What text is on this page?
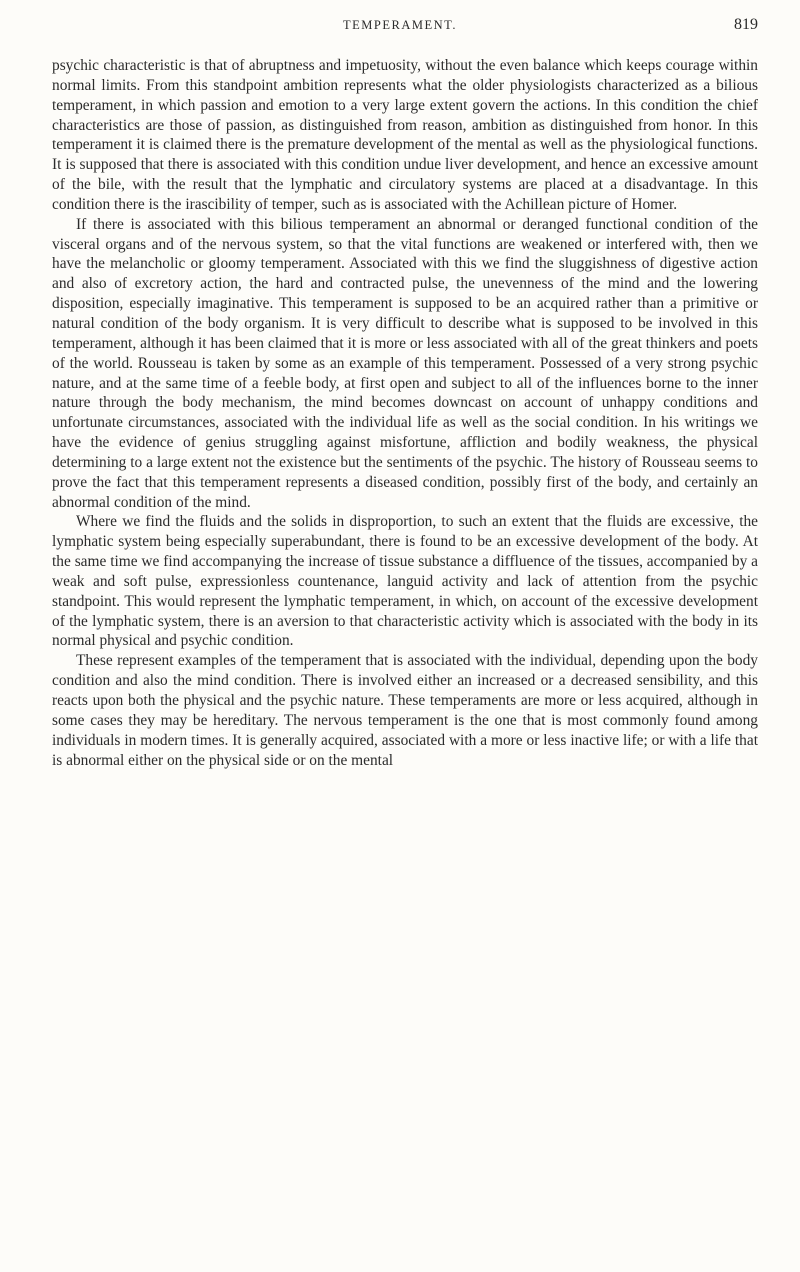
TEMPERAMENT.	819

psychic characteristic is that of abruptness and impetuosity, without the even balance which keeps courage within normal limits. From this standpoint ambition represents what the older physiologists characterized as a bilious temperament, in which passion and emotion to a very large extent govern the actions. In this condition the chief characteristics are those of passion, as distinguished from reason, ambition as distinguished from honor. In this temperament it is claimed there is the premature development of the mental as well as the physiological functions. It is supposed that there is associated with this condition undue liver development, and hence an excessive amount of the bile, with the result that the lymphatic and circulatory systems are placed at a disadvantage. In this condition there is the irascibility of temper, such as is associated with the Achillean picture of Homer.

If there is associated with this bilious temperament an abnormal or deranged functional condition of the visceral organs and of the nervous system, so that the vital functions are weakened or interfered with, then we have the melancholic or gloomy temperament. Associated with this we find the sluggishness of digestive action and also of excretory action, the hard and contracted pulse, the unevenness of the mind and the lowering disposition, especially imaginative. This temperament is supposed to be an acquired rather than a primitive or natural condition of the body organism. It is very difficult to describe what is supposed to be involved in this temperament, although it has been claimed that it is more or less associated with all of the great thinkers and poets of the world. Rousseau is taken by some as an example of this temperament. Possessed of a very strong psychic nature, and at the same time of a feeble body, at first open and subject to all of the influences borne to the inner nature through the body mechanism, the mind becomes downcast on account of unhappy conditions and unfortunate circumstances, associated with the individual life as well as the social condition. In his writings we have the evidence of genius struggling against misfortune, affliction and bodily weakness, the physical determining to a large extent not the existence but the sentiments of the psychic. The history of Rousseau seems to prove the fact that this temperament represents a diseased condition, possibly first of the body, and certainly an abnormal condition of the mind.

Where we find the fluids and the solids in disproportion, to such an extent that the fluids are excessive, the lymphatic system being especially superabundant, there is found to be an excessive development of the body. At the same time we find accompanying the increase of tissue substance a diffluence of the tissues, accompanied by a weak and soft pulse, expressionless countenance, languid activity and lack of attention from the psychic standpoint. This would represent the lymphatic temperament, in which, on account of the excessive development of the lymphatic system, there is an aversion to that characteristic activity which is associated with the body in its normal physical and psychic condition.

These represent examples of the temperament that is associated with the individual, depending upon the body condition and also the mind condition. There is involved either an increased or a decreased sensibility, and this reacts upon both the physical and the psychic nature. These temperaments are more or less acquired, although in some cases they may be hereditary. The nervous temperament is the one that is most commonly found among individuals in modern times. It is generally acquired, associated with a more or less inactive life; or with a life that is abnormal either on the physical side or on the mental
